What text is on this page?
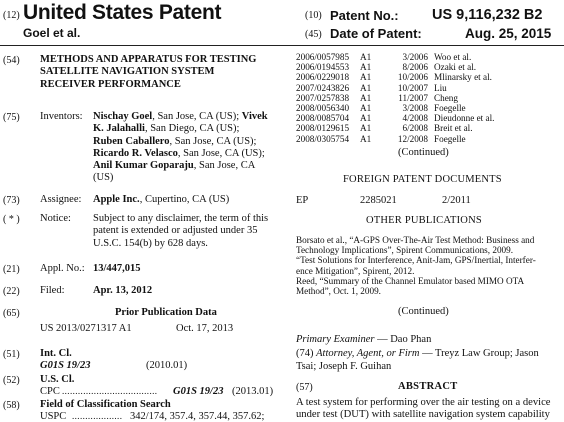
(12) United States Patent
Goel et al.
(10) Patent No.: US 9,116,232 B2
(45) Date of Patent:	Aug. 25, 2015
(54) METHODS AND APPARATUS FOR TESTING
SATELLITE NAVIGATION SYSTEM
RECEIVER PERFORMANCE
(75) Inventors: Nischay Goel, San Jose, CA (US); Vivek
K. Jalahalli, San Diego, CA (US);
Ruben Caballero, San Jose, CA (US);
Ricardo R. Velasco, San Jose, CA (US);
Anil Kumar Goparaju, San Jose, CA
(US)
(73) Assignee: Apple Inc., Cupertino, CA (US)
( * ) Notice: Subject to any disclaimer, the term of this
patent is extended or adjusted under 35
U.S.C. 154(b) by 628 days.
(21) Appl. No.: 13/447,015
(22) Filed:	Apr. 13, 2012
(65)	Prior Publication Data
US 2013/0271317 A1	Oct. 17, 2013
(51) Int. Cl.
G01S 19/23	(2010.01)
(52) U.S. Cl.
CPC .................................... G01S 19/23 (2013.01)
(58) Field of Classification Search
USPC ................... 342/174, 357.4, 357.44, 357.62;
2006/0057985 A1	3/2006 Woo et al.
2006/0194553 A1	8/2006 Ozaki et al.
2006/0229018 A1	10/2006 Mlinarsky et al.
2007/0243826 A1	10/2007 Liu
2007/0257838 A1	11/2007 Cheng
2008/0056340 A1	3/2008 Foegelle
2008/0085704 A1	4/2008 Dieudonne et al.
2008/0129615 A1	6/2008 Breit et al.
2008/0305754 A1	12/2008 Foegelle
(Continued)
FOREIGN PATENT DOCUMENTS
EP	2285021	2/2011
OTHER PUBLICATIONS
Borsato et al., “A-GPS Over-The-Air Test Method: Business and
Technology Implications”, Spirent Communications, 2009.
“Test Solutions for Interference, Anit-Jam, GPS/Inertial, Interfer-
ence Mitigation”, Spirent, 2012.
Reed, “Summary of the Channel Emulator based MIMO OTA
Method”, Oct. 1, 2009.
(Continued)
Primary Examiner — Dao Phan
(74) Attorney, Agent, or Firm — Treyz Law Group; Jason
Tsai; Joseph F. Guihan
(57)	ABSTRACT
A test system for performing over the air testing on a device
under test (DUT) with satellite navigation system capability
